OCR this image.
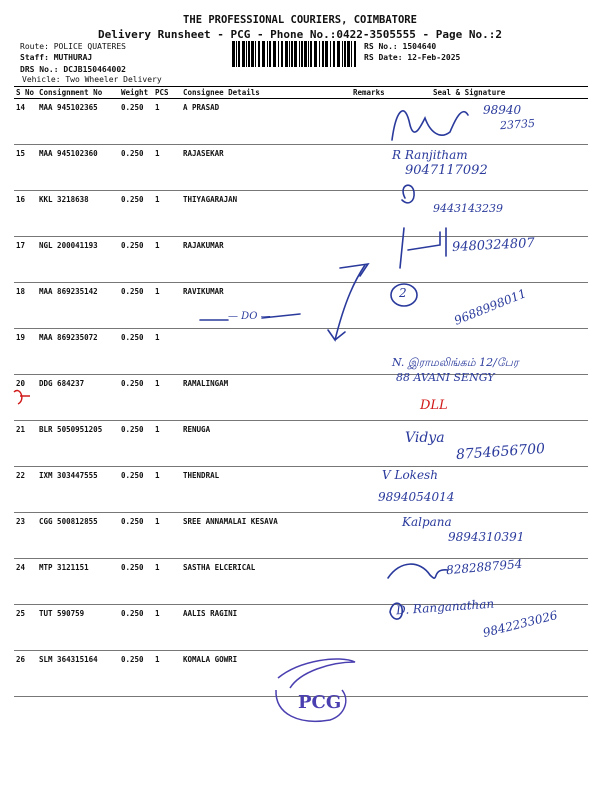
THE PROFESSIONAL COURIERS, COIMBATORE
Delivery Runsheet - PCG - Phone No.:0422-3505555 - Page No.:2
Route: POLICE QUATERES
Staff: MUTHURAJ
DRS No.: DCJB150464002
Vehicle: Two Wheeler Delivery
RS No.: 1504640
RS Date: 12-Feb-2025
S No	Consignment No	Weight	PCS	Consignee Details	Remarks	Seal & Signature
14	MAA 945102365	0.250	1	A PRASAD		
15	MAA 945102360	0.250	1	RAJASEKAR		
16	KKL 3218638	0.250	1	THIYAGARAJAN		
17	NGL 200041193	0.250	1	RAJAKUMAR		
18	MAA 869235142	0.250	1	RAVIKUMAR		
19	MAA 869235072	0.250	1			
20	DDG 684237	0.250	1	RAMALINGAM		
21	BLR 5050951205	0.250	1	RENUGA		
22	IXM 303447555	0.250	1	THENDRAL		
23	CGG 500812855	0.250	1	SREE ANNAMALAI KESAVA		
24	MTP 3121151	0.250	1	SASTHA ELCERICAL		
25	TUT 590759	0.250	1	AALIS RAGINI		
26	SLM 364315164	0.250	1	KOMALA GOWRI		
98940
23735
R Ranjitham
9047117092
9443143239
9480324807
2	9688998011
— DO —
N. இராமலிங்கம் 12/பேர
88 AVANI SENGY
DLL
Vidya
8754656700
V Lokesh
9894054014
Kalpana
9894310391
8282887954
D. Ranganathan
9842233026
PCG
